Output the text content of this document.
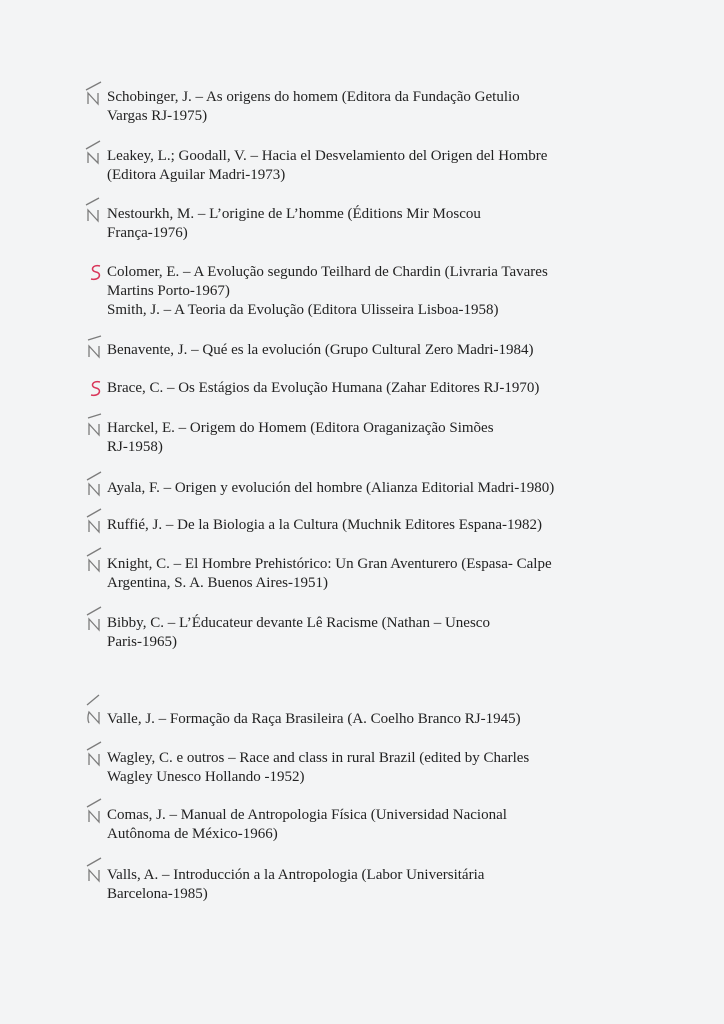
Schobinger, J. – As origens do homem (Editora da Fundação Getulio
Vargas RJ-1975)
Leakey, L.; Goodall, V. – Hacia el Desvelamiento del Origen del Hombre
(Editora Aguilar Madri-1973)
Nestourkh, M. – L’origine de L’homme (Éditions Mir Moscou
França-1976)
Colomer, E. – A Evolução segundo Teilhard de Chardin (Livraria Tavares
Martins Porto-1967)
Smith, J. – A Teoria da Evolução (Editora Ulisseira Lisboa-1958)
Benavente, J. – Qué es la evolución (Grupo Cultural Zero Madri-1984)
Brace, C. – Os Estágios da Evolução Humana (Zahar Editores RJ-1970)
Harckel, E. – Origem do Homem (Editora Oraganização Simões
RJ-1958)
Ayala, F. – Origen y evolución del hombre (Alianza Editorial Madri-1980)
Ruffié, J. – De la Biologia a la Cultura (Muchnik Editores Espana-1982)
Knight, C. – El Hombre Prehistórico: Un Gran Aventurero (Espasa- Calpe
Argentina, S. A. Buenos Aires-1951)
Bibby, C. – L’Éducateur devante Lê Racisme (Nathan – Unesco
Paris-1965)
Valle, J. – Formação da Raça Brasileira (A. Coelho Branco RJ-1945)
Wagley, C. e outros – Race and class in rural Brazil (edited by Charles
Wagley Unesco Hollando -1952)
Comas, J. – Manual de Antropologia Física (Universidad Nacional
Autônoma de México-1966)
Valls, A. – Introducción a la Antropologia (Labor Universitária
Barcelona-1985)
